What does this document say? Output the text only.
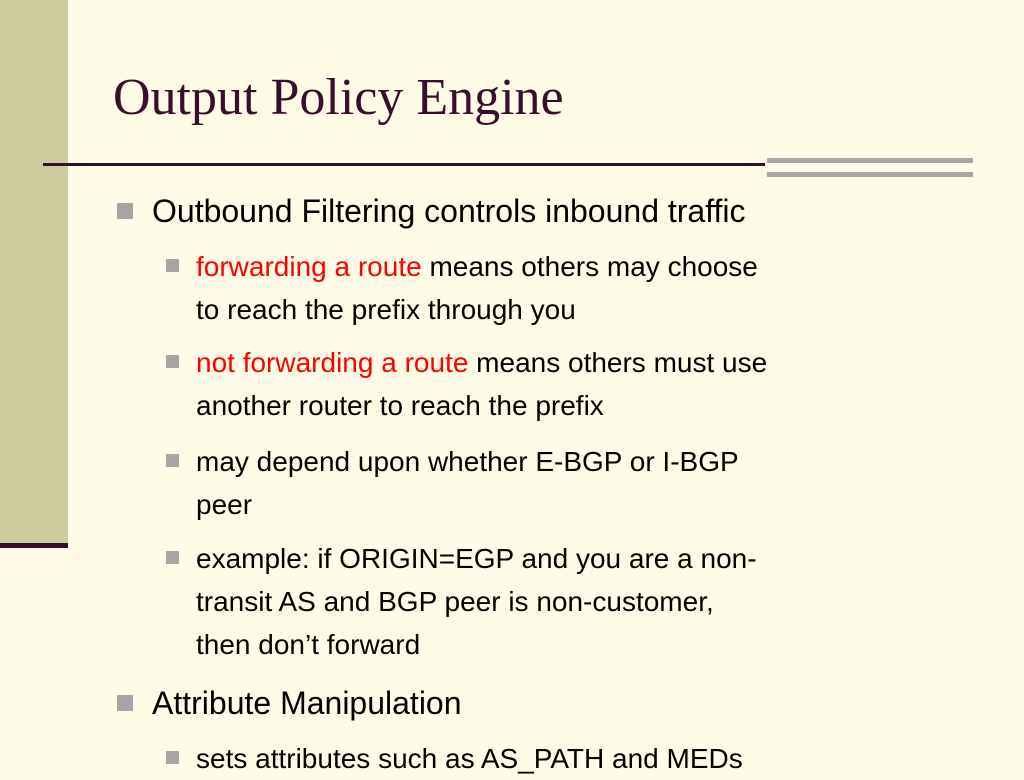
Output Policy Engine
Outbound Filtering controls inbound traffic
forwarding a route means others may choose
to reach the prefix through you
not forwarding a route means others must use
another router to reach the prefix
may depend upon whether E-BGP or I-BGP
peer
example: if ORIGIN=EGP and you are a non-
transit AS and BGP peer is non-customer,
then don’t forward
Attribute Manipulation
sets attributes such as AS_PATH and MEDs
